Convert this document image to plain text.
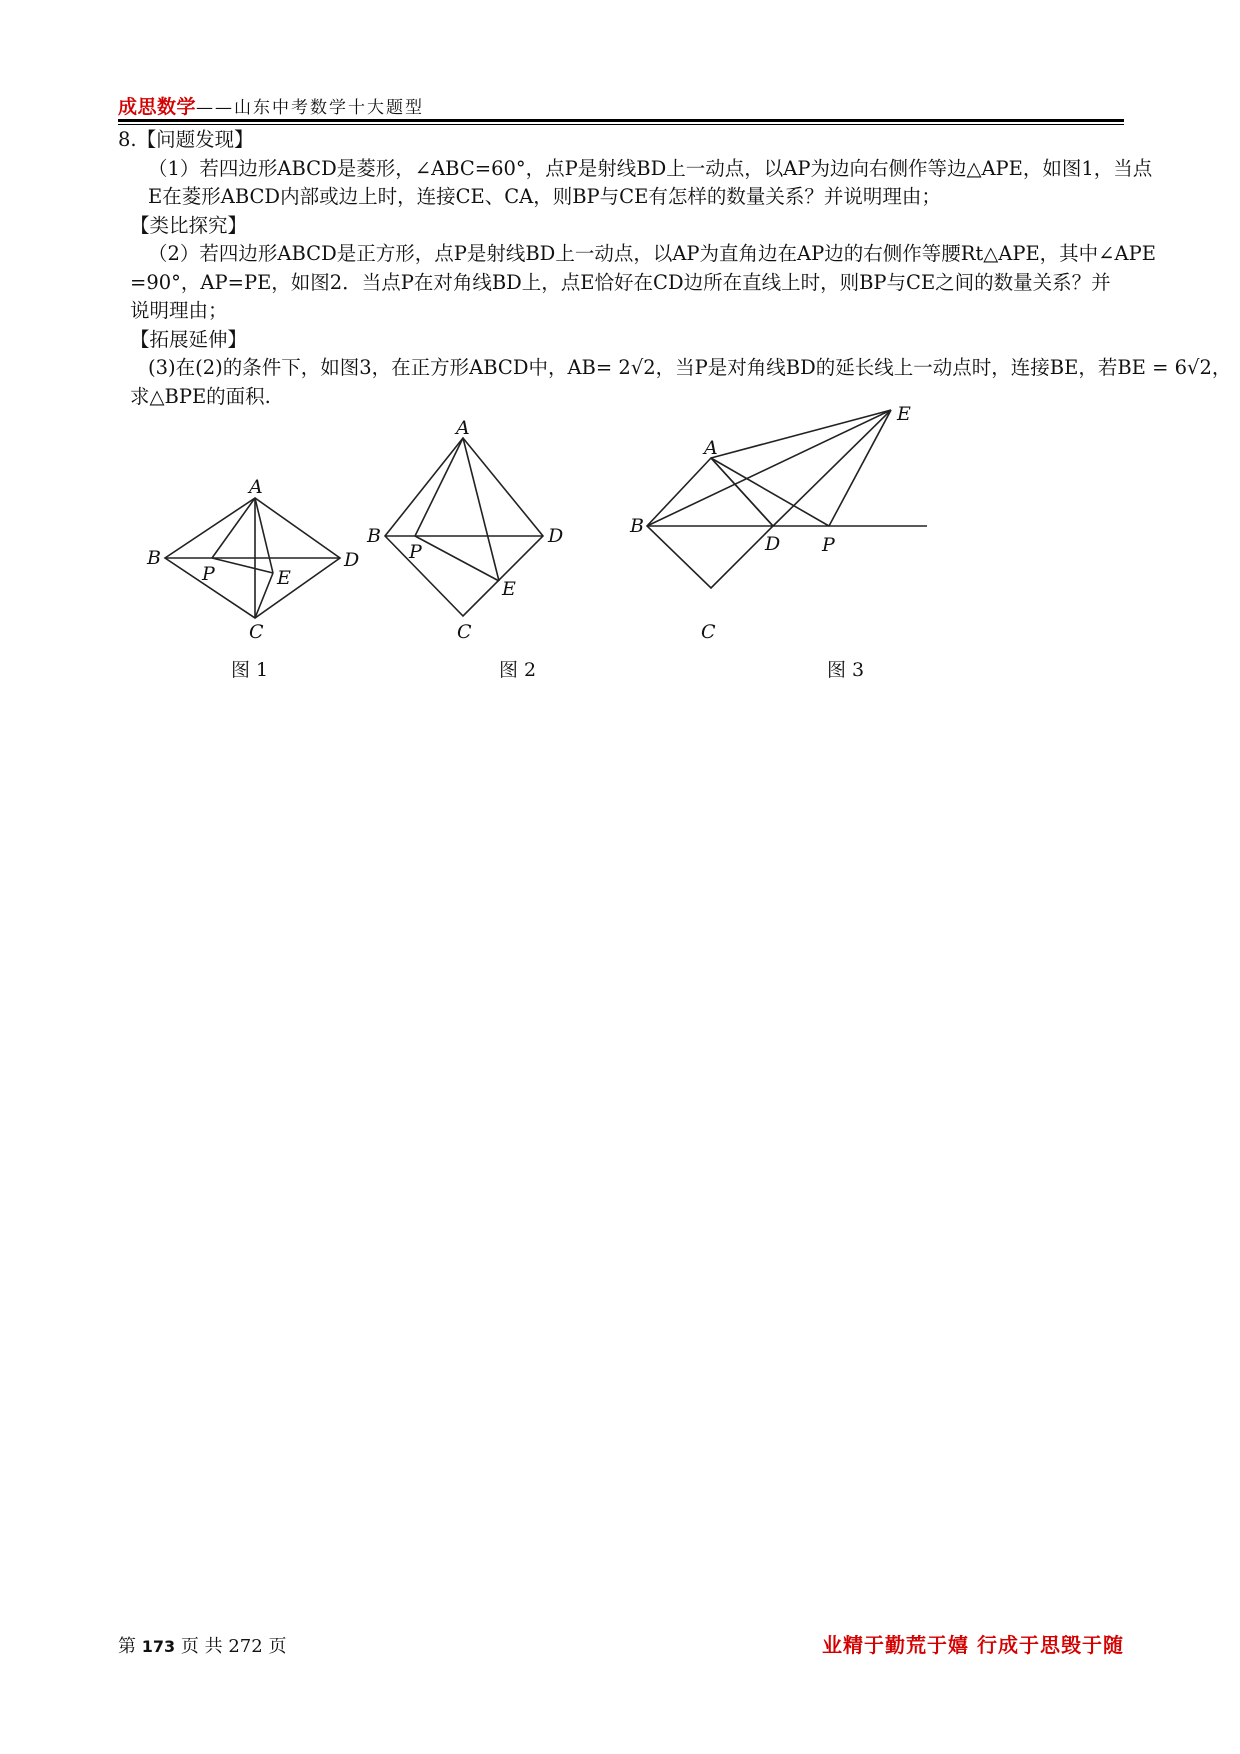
成思数学 ——山东中考数学十大题型
8.【问题发现】
（1）若四边形ABCD是菱形，∠ABC=60°，点P是射线BD上一动点，以AP为边向右侧作等边△APE，如图1，当点
E在菱形ABCD内部或边上时，连接CE、CA，则BP与CE有怎样的数量关系？并说明理由；
【类比探究】
（2）若四边形ABCD是正方形，点P是射线BD上一动点，以AP为直角边在AP边的右侧作等腰Rt△APE，其中∠APE
=90°，AP=PE，如图2．当点P在对角线BD上，点E恰好在CD边所在直线上时，则BP与CE之间的数量关系？并
说明理由；
【拓展延伸】
(3)在(2)的条件下，如图3，在正方形ABCD中，AB= 2√2，当P是对角线BD的延长线上一动点时，连接BE，若BE = 6√2，
求△BPE的面积.
A
B
C
D
P	E
图 1
A
B
C
D
P
E
图 2
A
B
C
D P
E
图 3
第 173 页 共 272 页	业精于勤荒于嬉 行成于思毁于随
